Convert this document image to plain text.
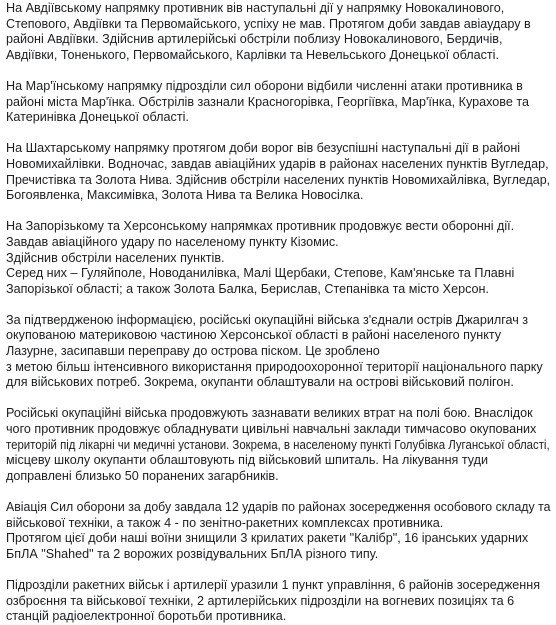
На Авдіївському напрямку противник вів наступальні дії у напрямку Новокалинового,
Степового, Авдіївки та Первомайського, успіху не мав. Протягом доби завдав авіаудару в
районі Авдіївки. Здійснив артилерійські обстріли поблизу Новокалинового, Бердичів,
Авдіївки, Тоненького, Первомайського, Карлівки та Невельського Донецької області.

На Мар'їнському напрямку підрозділи сил оборони відбили численні атаки противника в
районі міста Мар'їнка. Обстрілів зазнали Красногорівка, Георгіївка, Мар'їнка, Курахове та
Катеринівка Донецької області.

На Шахтарському напрямку протягом доби ворог вів безуспішні наступальні дії в районі
Новомихайлівки. Водночас, завдав авіаційних ударів в районах населених пунктів Вугледар,
Пречистівка та Золота Нива. Здійснив обстріли населених пунктів Новомихайлівка, Вугледар,
Богоявленка, Максимівка, Золота Нива та Велика Новосілка.

На Запорізькому та Херсонському напрямках противник продовжує вести оборонні дії.
Завдав авіаційного удару по населеному пункту Кізомис.
Здійснив обстріли населених пунктів.
Серед них – Гуляйполе, Новоданилівка, Малі Щербаки, Степове, Кам'янське та Плавні
Запорізької області; а також Золота Балка, Берислав, Степанівка та місто Херсон.

За підтвердженою інформацією, російські окупаційні війська з'єднали острів Джарилгач з
окупованою материковою частиною Херсонської області в районі населеного пункту
Лазурне, засипавши переправу до острова піском. Це зроблено
з метою більш інтенсивного використання природоохоронної території національного парку
для військових потреб. Зокрема, окупанти облаштували на острові військовий полігон.

Російські окупаційні війська продовжують зазнавати великих втрат на полі бою. Внаслідок
чого противник продовжує обладнувати цивільні навчальні заклади тимчасово окупованих
територій під лікарні чи медичні установи. Зокрема, в населеному пункті Голубівка Луганської області,
місцеву школу окупанти облаштовують під військовий шпиталь. На лікування туди
доправлені близько 50 поранених загарбників.

Авіація Сил оборони за добу завдала 12 ударів по районах зосередження особового складу та
військової техніки, а також 4 - по зенітно-ракетних комплексах противника.
Протягом цієї доби наші воїни знищили 3 крилатих ракети "Калібр", 16 іранських ударних
БпЛА "Shahed" та 2 ворожих розвідувальних БпЛА різного типу.

Підрозділи ракетних військ і артилерії уразили 1 пункт управління, 6 районів зосередження
озброєння та військової техніки, 2 артилерійських підрозділи на вогневих позиціях та 6
станцій радіоелектронної боротьби противника.
